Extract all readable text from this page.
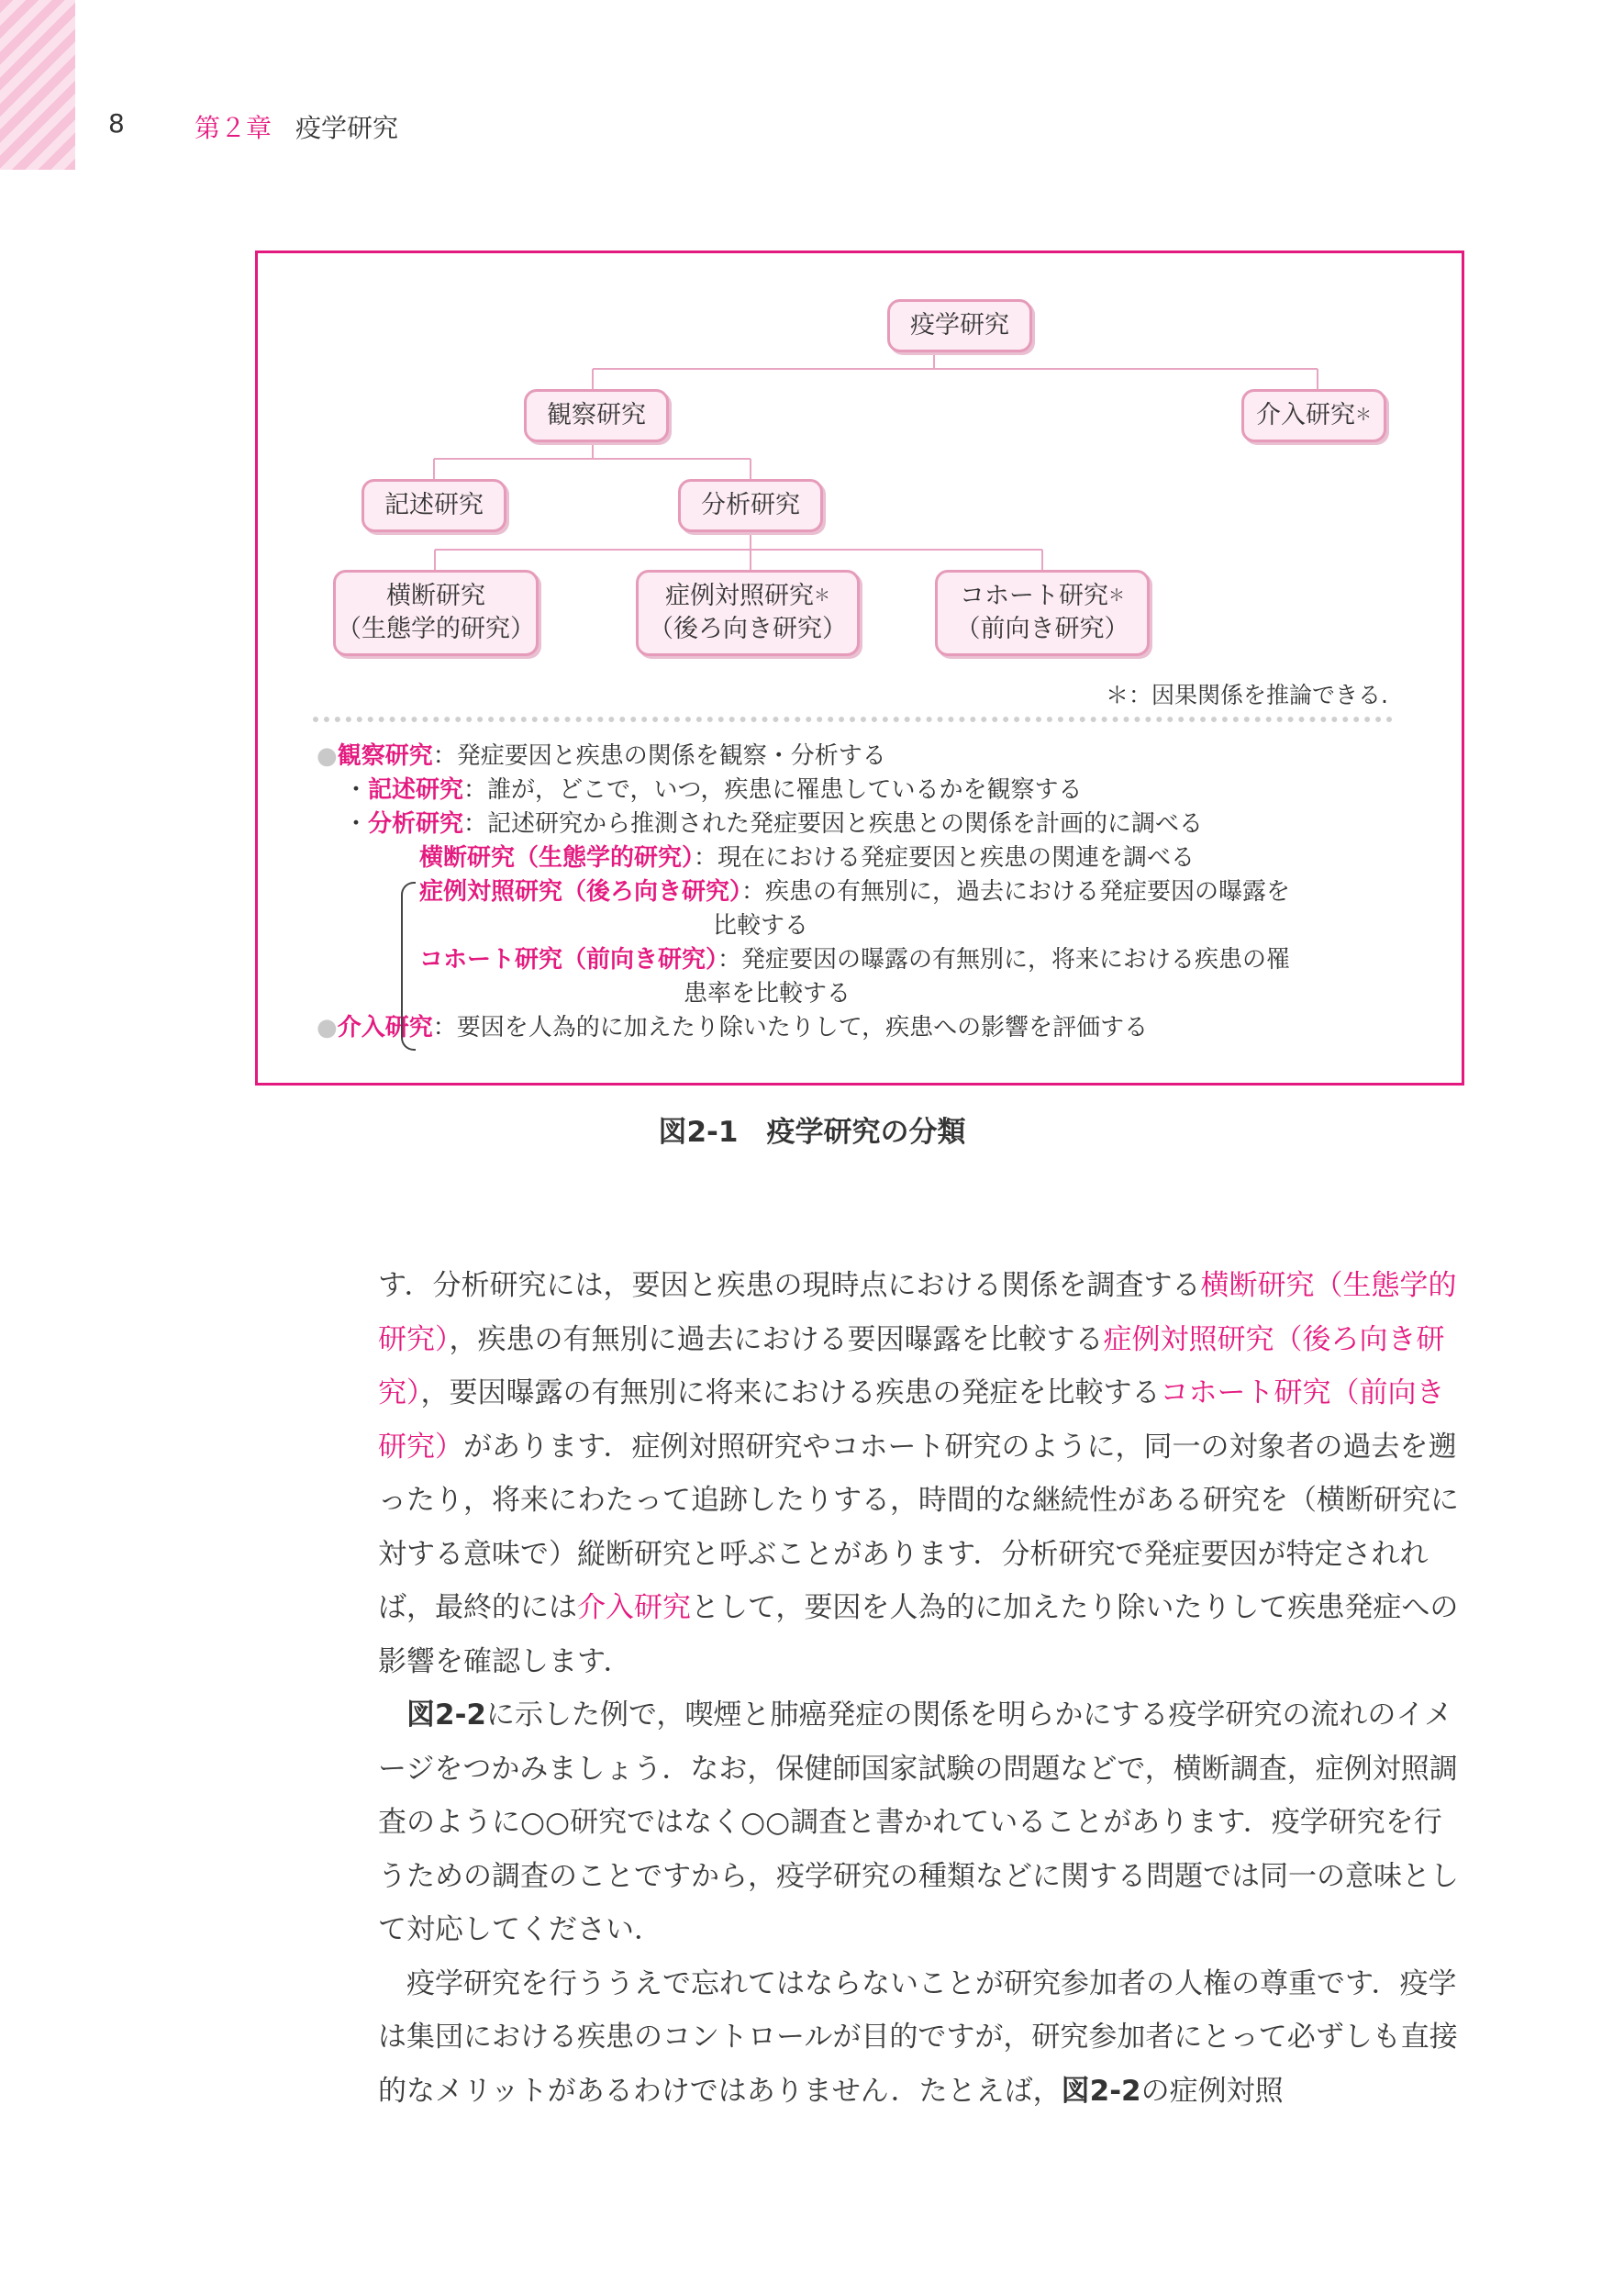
8	第２章 疫学研究
疫学研究
観察研究	介入研究＊
記述研究	分析研究
横断研究
（生態学的研究）
症例対照研究＊
（後ろ向き研究）
コホート研究＊
（前向き研究）
＊：因果関係を推論できる.
●観察研究：発症要因と疾患の関係を観察・分析する
・記述研究：誰が，どこで，いつ，疾患に罹患しているかを観察する
・分析研究：記述研究から推測された発症要因と疾患との関係を計画的に調べる
横断研究（生態学的研究）：現在における発症要因と疾患の関連を調べる
症例対照研究（後ろ向き研究）：疾患の有無別に，過去における発症要因の曝露を
比較する
コホート研究（前向き研究）：発症要因の曝露の有無別に，将来における疾患の罹
患率を比較する
●介入研究：要因を人為的に加えたり除いたりして，疾患への影響を評価する
図2-1　疫学研究の分類

す．分析研究には，要因と疾患の現時点における関係を調査する横断研究（生態学的研究），疾患の有無別に過去における要因曝露を比較する症例対照研究（後ろ向き研究），要因曝露の有無別に将来における疾患の発症を比較するコホート研究（前向き研究）があります．症例対照研究やコホート研究のように，同一の対象者の過去を遡ったり，将来にわたって追跡したりする，時間的な継続性がある研究を（横断研究に対する意味で）縦断研究と呼ぶことがあります．分析研究で発症要因が特定されれば，最終的には介入研究として，要因を人為的に加えたり除いたりして疾患発症への影響を確認します．

図2-2に示した例で，喫煙と肺癌発症の関係を明らかにする疫学研究の流れのイメージをつかみましょう．なお，保健師国家試験の問題などで，横断調査，症例対照調査のように○○研究ではなく○○調査と書かれていることがあります．疫学研究を行うための調査のことですから，疫学研究の種類などに関する問題では同一の意味として対応してください．

疫学研究を行ううえで忘れてはならないことが研究参加者の人権の尊重です．疫学は集団における疾患のコントロールが目的ですが，研究参加者にとって必ずしも直接的なメリットがあるわけではありません．たとえば，図2-2の症例対照
